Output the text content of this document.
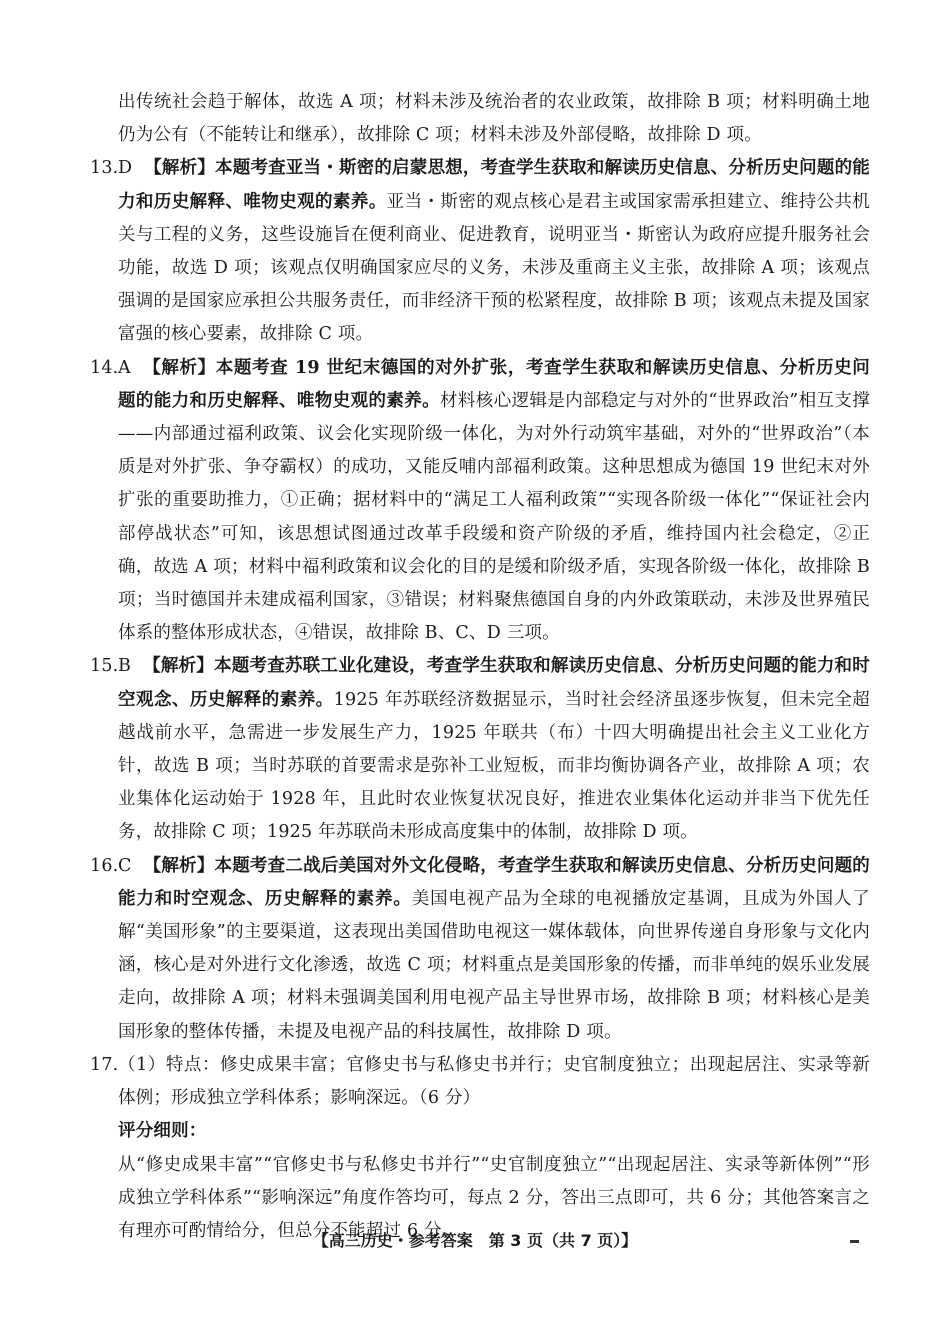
出传统社会趋于解体，故选 A 项；材料未涉及统治者的农业政策，故排除 B 项；材料明确土地仍为公有（不能转让和继承），故排除 C 项；材料未涉及外部侵略，故排除 D 项。

13. D 【解析】本题考查亚当・斯密的启蒙思想，考查学生获取和解读历史信息、分析历史问题的能力和历史解释、唯物史观的素养。亚当・斯密的观点核心是君主或国家需承担建立、维持公共机关与工程的义务，这些设施旨在便利商业、促进教育，说明亚当・斯密认为政府应提升服务社会功能，故选 D 项；该观点仅明确国家应尽的义务，未涉及重商主义主张，故排除 A 项；该观点强调的是国家应承担公共服务责任，而非经济干预的松紧程度，故排除 B 项；该观点未提及国家富强的核心要素，故排除 C 项。
14. A 【解析】本题考查 19 世纪末德国的对外扩张，考查学生获取和解读历史信息、分析历史问题的能力和历史解释、唯物史观的素养。材料核心逻辑是内部稳定与对外的“世界政治”相互支撑——内部通过福利政策、议会化实现阶级一体化，为对外行动筑牢基础，对外的“世界政治”（本质是对外扩张、争夺霸权）的成功，又能反哺内部福利政策。这种思想成为德国 19 世纪末对外扩张的重要助推力，①正确；据材料中的“满足工人福利政策”“实现各阶级一体化”“保证社会内部停战状态”可知，该思想试图通过改革手段缓和资产阶级的矛盾，维持国内社会稳定，②正确，故选 A 项；材料中福利政策和议会化的目的是缓和阶级矛盾，实现各阶级一体化，故排除 B 项；当时德国并未建成福利国家，③错误；材料聚焦德国自身的内外政策联动，未涉及世界殖民体系的整体形成状态，④错误，故排除 B、C、D 三项。
15. B 【解析】本题考查苏联工业化建设，考查学生获取和解读历史信息、分析历史问题的能力和时空观念、历史解释的素养。1925 年苏联经济数据显示，当时社会经济虽逐步恢复，但未完全超越战前水平，急需进一步发展生产力，1925 年联共（布）十四大明确提出社会主义工业化方针，故选 B 项；当时苏联的首要需求是弥补工业短板，而非均衡协调各产业，故排除 A 项；农业集体化运动始于 1928 年，且此时农业恢复状况良好，推进农业集体化运动并非当下优先任务，故排除 C 项；1925 年苏联尚未形成高度集中的体制，故排除 D 项。
16. C 【解析】本题考查二战后美国对外文化侵略，考查学生获取和解读历史信息、分析历史问题的能力和时空观念、历史解释的素养。美国电视产品为全球的电视播放定基调，且成为外国人了解“美国形象”的主要渠道，这表现出美国借助电视这一媒体载体，向世界传递自身形象与文化内涵，核心是对外进行文化渗透，故选 C 项；材料重点是美国形象的传播，而非单纯的娱乐业发展走向，故排除 A 项；材料未强调美国利用电视产品主导世界市场，故排除 B 项；材料核心是美国形象的整体传播，未提及电视产品的科技属性，故排除 D 项。
17. （1）特点：修史成果丰富；官修史书与私修史书并行；史官制度独立；出现起居注、实录等新体例；形成独立学科体系；影响深远。（6 分）
评分细则：
从“修史成果丰富”“官修史书与私修史书并行”“史官制度独立”“出现起居注、实录等新体例”“形成独立学科体系”“影响深远”角度作答均可，每点 2 分，答出三点即可，共 6 分；其他答案言之有理亦可酌情给分，但总分不能超过 6 分。
【高三历史・参考答案　第 3 页（共 7 页）】
